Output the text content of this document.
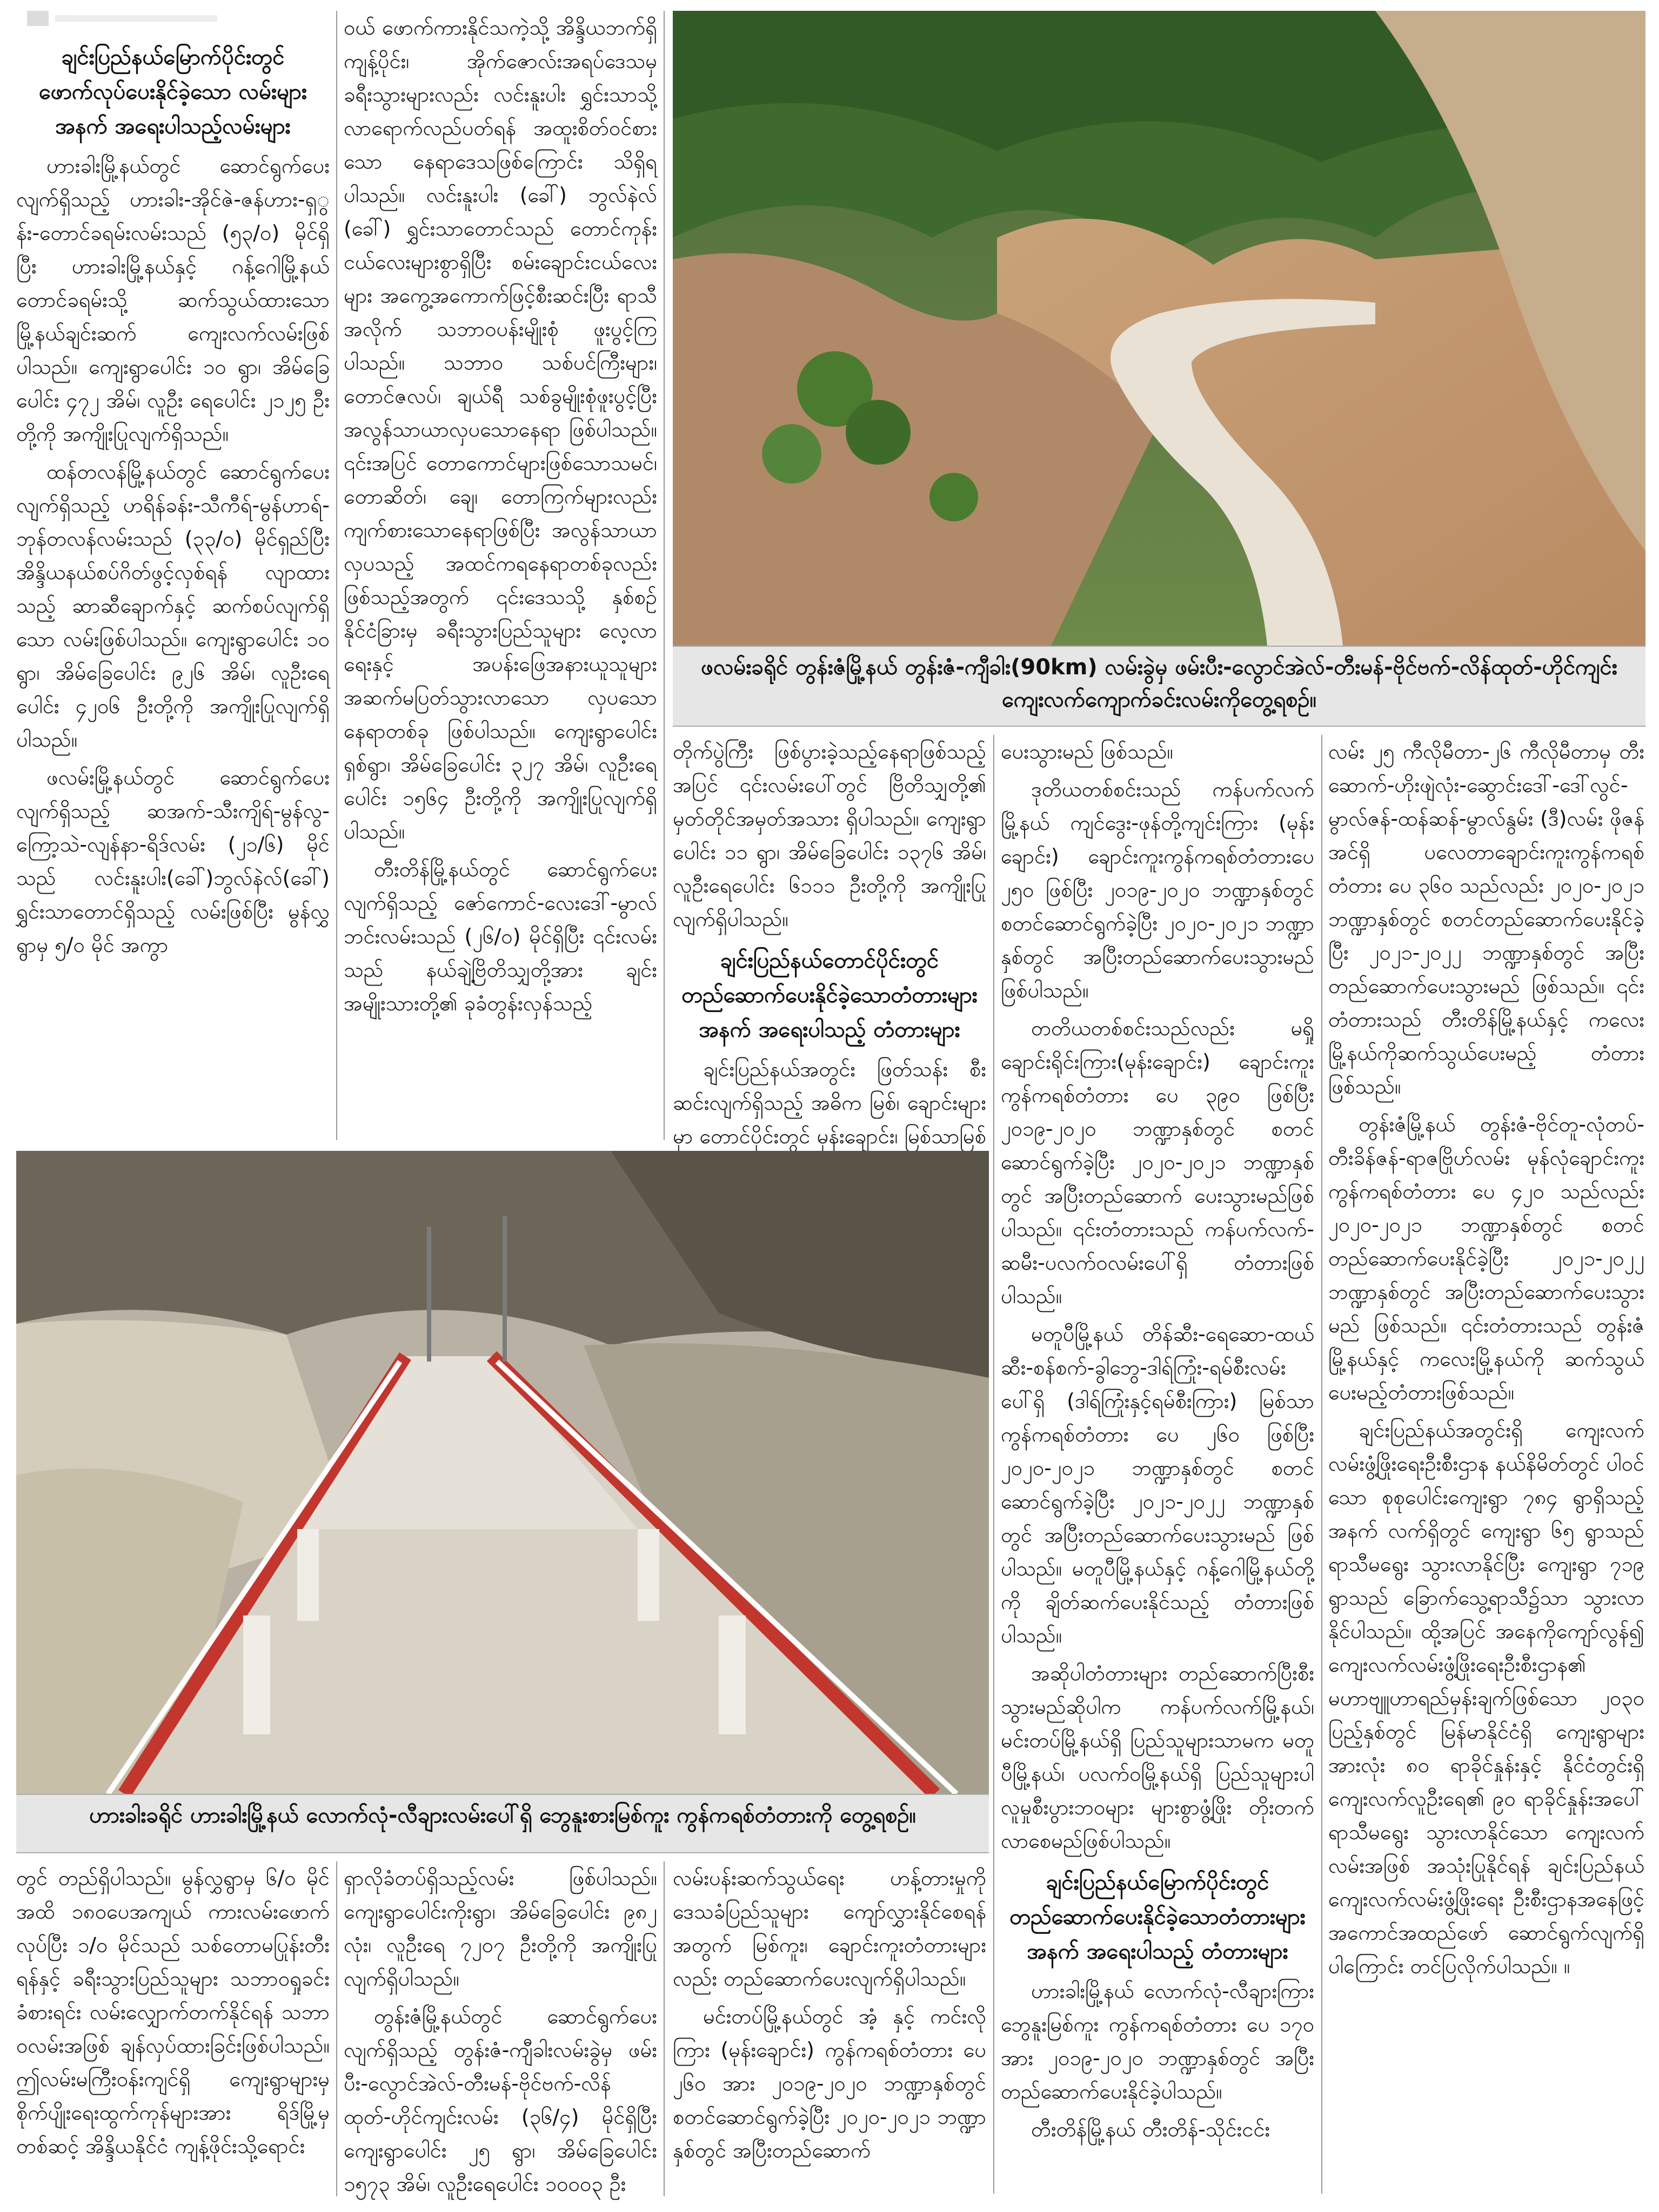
ချင်းပြည်နယ်မြောက်ပိုင်းတွင် ဖောက်လုပ်ပေးနိုင်ခဲ့သော လမ်းများအနက် အရေးပါသည့်လမ်းများ

ဟားခါးမြို့နယ်တွင် ဆောင်ရွက်ပေးလျက်ရှိသည့် ဟားခါး-အိုင်ဇဲ-ဇန်ဟား-ရှွန်း-တောင်ခရမ်းလမ်းသည် (၅၃/၀) မိုင်ရှိပြီး ဟားခါးမြို့နယ်နှင့် ဂန့်ဂေါမြို့နယ် တောင်ခရမ်းသို့ ဆက်သွယ်ထားသော မြို့နယ်ချင်းဆက် ကျေးလက်လမ်းဖြစ်ပါသည်။ ကျေးရွာပေါင်း ၁၀ ရွာ၊ အိမ်ခြေပေါင်း ၄၇၂ အိမ်၊ လူဦး ရေပေါင်း ၂၁၂၅ ဦးတို့ကို အကျိုးပြုလျက်ရှိသည်။

ထန်တလန်မြို့နယ်တွင် ဆောင်ရွက်ပေးလျက်ရှိသည့် ဟရိန်ခန်း-သီကီရ်-မွန်ဟာရ်-ဘုန်တလန်လမ်းသည် (၃၃/၀) မိုင်ရှည်ပြီး အိန္ဒိယနယ်စပ်ဂိတ်ဖွင့်လှစ်ရန် လျာထားသည့် ဆာဆီချောက်နှင့် ဆက်စပ်လျက်ရှိသော လမ်းဖြစ်ပါသည်။ ကျေးရွာပေါင်း ၁၀ ရွာ၊ အိမ်ခြေပေါင်း ၉၂၆ အိမ်၊ လူဦးရေပေါင်း ၄၂၀၆ ဦးတို့ကို အကျိုးပြုလျက်ရှိပါသည်။

ဖလမ်းမြို့နယ်တွင် ဆောင်ရွက်ပေးလျက်ရှိသည့် ဆအက်-သီးကျိရ်-မွန်လွ-ကြော့သဲ-လျန်နာ-ရိဒ်လမ်း (၂၁/၆) မိုင်သည် လင်းနူးပါး(ခေါ်)ဘွလ်နဲလ်(ခေါ်) ရွှင်းသာတောင်ရှိသည့် လမ်းဖြစ်ပြီး မွန်လွှရွာမှ ၅/၀ မိုင် အကွာ

ဝယ် ဖောက်ကားနိုင်သကဲ့သို့ အိန္ဒိယဘက်ရှိ ကျန့်ပိုင်း၊ အိုက်ဇောလ်းအရပ်ဒေသမှ ခရီးသွားများလည်း လင်းနူးပါး ရွှင်းသာသို့ လာရောက်လည်ပတ်ရန် အထူးစိတ်ဝင်စားသော နေရာဒေသဖြစ်ကြောင်း သိရှိရပါသည်။ လင်းနူးပါး (ခေါ်) ဘွလ်နဲလ် (ခေါ်) ရွှင်းသာတောင်သည် တောင်ကုန်းငယ်လေးများစွာရှိပြီး စမ်းချောင်းငယ်လေးများ အကွေ့အကောက်ဖြင့်စီးဆင်းပြီး ရာသီအလိုက် သဘာဝပန်းမျိုးစုံ ဖူးပွင့်ကြပါသည်။ သဘာဝ သစ်ပင်ကြီးများ၊ တောင်ဇလပ်၊ ချယ်ရီ သစ်ခွမျိုးစုံဖူးပွင့်ပြီး အလွန်သာယာလှပသောနေရာ ဖြစ်ပါသည်။ ၎င်းအပြင် တောကောင်များဖြစ်သောသမင်၊ တောဆိတ်၊ ချေ၊ တောကြက်များလည်း ကျက်စားသောနေရာဖြစ်ပြီး အလွန်သာယာလှပသည့် အထင်ကရနေရာတစ်ခုလည်း ဖြစ်သည့်အတွက် ၎င်းဒေသသို့ နှစ်စဉ်နိုင်ငံခြားမှ ခရီးသွားပြည်သူများ လေ့လာရေးနှင့် အပန်းဖြေအနားယူသူများ အဆက်မပြတ်သွားလာသော လှပသောနေရာတစ်ခု ဖြစ်ပါသည်။ ကျေးရွာပေါင်း ရှစ်ရွာ၊ အိမ်ခြေပေါင်း ၃၂၇ အိမ်၊ လူဦးရေပေါင်း ၁၅၆၄ ဦးတို့ကို အကျိုးပြုလျက်ရှိပါသည်။

တီးတိန်မြို့နယ်တွင် ဆောင်ရွက်ပေးလျက်ရှိသည့် ဇော်ကောင်-လေးဒေါ်-မွာလ်ဘင်းလမ်းသည် (၂၆/၀) မိုင်ရှိပြီး ၎င်းလမ်းသည် နယ်ချဲ့ဗြိတိသျှတို့အား ချင်းအမျိုးသားတို့၏ ခုခံတွန်းလှန်သည့်

ဖလမ်းခရိုင် တွန်းဇံမြို့နယ် တွန်းဇံ-ကျီခါး(90km) လမ်းခွဲမှ ဖမ်းပီး-လွောင်အဲလ်-တီးမန်-ဗိုင်ဗက်-လိန်ထုတ်-ဟိုင်ကျင်း ကျေးလက်ကျောက်ခင်းလမ်းကိုတွေ့ရစဉ်။

တိုက်ပွဲကြီး ဖြစ်ပွားခဲ့သည့်နေရာဖြစ်သည့်အပြင် ၎င်းလမ်းပေါ်တွင် ဗြိတိသျှတို့၏ မှတ်တိုင်အမှတ်အသား ရှိပါသည်။ ကျေးရွာပေါင်း ၁၁ ရွာ၊ အိမ်ခြေပေါင်း ၁၃၇၆ အိမ်၊ လူဦးရေပေါင်း ၆၁၁၁ ဦးတို့ကို အကျိုးပြုလျက်ရှိပါသည်။

ချင်းပြည်နယ်တောင်ပိုင်းတွင် တည်ဆောက်ပေးနိုင်ခဲ့သောတံတားများ အနက် အရေးပါသည့် တံတားများ

ချင်းပြည်နယ်အတွင်း ဖြတ်သန်း စီးဆင်းလျက်ရှိသည့် အဓိက မြစ်၊ ချောင်းများမှာ တောင်ပိုင်းတွင် မုန်းချောင်း၊ မြစ်သာမြစ်

ပေးသွားမည် ဖြစ်သည်။

ဒုတိယတစ်စင်းသည် ကန်ပက်လက်မြို့နယ် ကျင်ဒွေး-ဖုန်တို့ကျင်းကြား (မုန်းချောင်း) ချောင်းကူးကွန်ကရစ်တံတားပေ ၂၅၀ ဖြစ်ပြီး ၂၀၁၉-၂၀၂၀ ဘဏ္ဍာနှစ်တွင် စတင်ဆောင်ရွက်ခဲ့ပြီး ၂၀၂၀-၂၀၂၁ ဘဏ္ဍာနှစ်တွင် အပြီးတည်ဆောက်ပေးသွားမည်ဖြစ်ပါသည်။

တတိယတစ်စင်းသည်လည်း မရှိုချောင်းရိုင်းကြား(မုန်းချောင်း) ချောင်းကူးကွန်ကရစ်တံတား ပေ ၃၉၀ ဖြစ်ပြီး ၂၀၁၉-၂၀၂၀ ဘဏ္ဍာနှစ်တွင် စတင်ဆောင်ရွက်ခဲ့ပြီး ၂၀၂၀-၂၀၂၁ ဘဏ္ဍာနှစ်တွင် အပြီးတည်ဆောက် ပေးသွားမည်ဖြစ်ပါသည်။ ၎င်းတံတားသည် ကန်ပက်လက်-ဆမီး-ပလက်ဝလမ်းပေါ်ရှိ တံတားဖြစ်ပါသည်။

မတူပီမြို့နယ် တိန်ဆီး-ရေဆော-ထယ်ဆီး-စန်စက်-ခွါဘွေ-ဒါရ်ကြုံး-ရမ်စီးလမ်းပေါ်ရှိ (ဒါရ်ကြုံးနှင့်ရမ်စီးကြား) မြစ်သာကွန်ကရစ်တံတား ပေ ၂၆၀ ဖြစ်ပြီး ၂၀၂၀-၂၀၂၁ ဘဏ္ဍာနှစ်တွင် စတင်ဆောင်ရွက်ခဲ့ပြီး ၂၀၂၁-၂၀၂၂ ဘဏ္ဍာနှစ်တွင် အပြီးတည်ဆောက်ပေးသွားမည် ဖြစ်ပါသည်။ မတူပီမြို့နယ်နှင့် ဂန့်ဂေါမြို့နယ်တို့ကို ချိတ်ဆက်ပေးနိုင်သည့် တံတားဖြစ်ပါသည်။

အဆိုပါတံတားများ တည်ဆောက်ပြီးစီးသွားမည်ဆိုပါက ကန်ပက်လက်မြို့နယ်၊ မင်းတပ်မြို့နယ်ရှိ ပြည်သူများသာမက မတူပီမြို့နယ်၊ ပလက်ဝမြို့နယ်ရှိ ပြည်သူများပါ လူမှုစီးပွားဘဝများ များစွာဖွံ့ဖြိုး တိုးတက်လာစေမည်ဖြစ်ပါသည်။

ချင်းပြည်နယ်မြောက်ပိုင်းတွင် တည်ဆောက်ပေးနိုင်ခဲ့သောတံတားများအနက် အရေးပါသည့် တံတားများ

ဟားခါးမြို့နယ် လောက်လုံ-လီချားကြား ဘွေနူးမြစ်ကူး ကွန်ကရစ်တံတား ပေ ၁၇၀ အား ၂၀၁၉-၂၀၂၀ ဘဏ္ဍာနှစ်တွင် အပြီးတည်ဆောက်ပေးနိုင်ခဲ့ပါသည်။

တီးတိန်မြို့နယ် တီးတိန်-သိုင်းငင်း

လမ်း ၂၅ ကီလိုမီတာ-၂၆ ကီလိုမီတာမှ တီးဆောက်-ဟိုးဖျဲလုံး-ဆွောင်းဒေါ်-ဒေါ်လွင်-မွာလ်ဇန်-ထန်ဆန်-မွာလ်နွမ်း (ဒီ)လမ်း ဖိုဇန်အင်ရှိ ပလေတာချောင်းကူးကွန်ကရစ်တံတား ပေ ၃၆၀ သည်လည်း ၂၀၂၀-၂၀၂၁ ဘဏ္ဍာနှစ်တွင် စတင်တည်ဆောက်ပေးနိုင်ခဲ့ပြီး ၂၀၂၁-၂၀၂၂ ဘဏ္ဍာနှစ်တွင် အပြီးတည်ဆောက်ပေးသွားမည် ဖြစ်သည်။ ၎င်းတံတားသည် တီးတိန်မြို့နယ်နှင့် ကလေးမြို့နယ်ကိုဆက်သွယ်ပေးမည့် တံတားဖြစ်သည်။

တွန်းဇံမြို့နယ် တွန်းဇံ-ဗိုင်တူ-လုံတပ်-တီးခိန်ဇန်-ရာဇဗြိုဟ်လမ်း မုန်လုံချောင်းကူး ကွန်ကရစ်တံတား ပေ ၄၂၀ သည်လည်း ၂၀၂၀-၂၀၂၁ ဘဏ္ဍာနှစ်တွင် စတင်တည်ဆောက်ပေးနိုင်ခဲ့ပြီး ၂၀၂၁-၂၀၂၂ ဘဏ္ဍာနှစ်တွင် အပြီးတည်ဆောက်ပေးသွားမည် ဖြစ်သည်။ ၎င်းတံတားသည် တွန်းဇံမြို့နယ်နှင့် ကလေးမြို့နယ်ကို ဆက်သွယ်ပေးမည့်တံတားဖြစ်သည်။

ချင်းပြည်နယ်အတွင်းရှိ ကျေးလက်လမ်းဖွံ့ဖြိုးရေးဦးစီးဌာန နယ်နိမိတ်တွင် ပါဝင်သော စုစုပေါင်းကျေးရွာ ၇၈၄ ရွာရှိသည့်အနက် လက်ရှိတွင် ကျေးရွာ ၆၅ ရွာသည် ရာသီမရွေး သွားလာနိုင်ပြီး ကျေးရွာ ၇၁၉ ရွာသည် ခြောက်သွေ့ရာသီ၌သာ သွားလာနိုင်ပါသည်။ ထို့အပြင် အနေကိုကျော်လွန်၍ ကျေးလက်လမ်းဖွံ့ဖြိုးရေးဦးစီးဌာန၏ မဟာဗျူဟာရည်မှန်းချက်ဖြစ်သော ၂၀၃၀ ပြည့်နှစ်တွင် မြန်မာနိုင်ငံရှိ ကျေးရွာများအားလုံး ၈၀ ရာခိုင်နှုန်းနှင့် နိုင်ငံတွင်းရှိ ကျေးလက်လူဦးရေ၏ ၉၀ ရာခိုင်နှုန်းအပေါ် ရာသီမရွေး သွားလာနိုင်သော ကျေးလက်လမ်းအဖြစ် အသုံးပြုနိုင်ရန် ချင်းပြည်နယ် ကျေးလက်လမ်းဖွံ့ဖြိုးရေး ဦးစီးဌာနအနေဖြင့် အကောင်အထည်ဖော် ဆောင်ရွက်လျက်ရှိပါကြောင်း တင်ပြလိုက်ပါသည်။ ။

ဟားခါးခရိုင် ဟားခါးမြို့နယ် လောက်လုံ-လီချားလမ်းပေါ်ရှိ ဘွေနူးစားမြစ်ကူး ကွန်ကရစ်တံတားကို တွေ့ရစဉ်။

တွင် တည်ရှိပါသည်။ မွန်လွှရွာမှ ၆/၀ မိုင် အထိ ၁၈၀ပေအကျယ် ကားလမ်းဖောက်လုပ်ပြီး ၁/၀ မိုင်သည် သစ်တောမပြုန်းတီးရန်နှင့် ခရီးသွားပြည်သူများ သဘာဝရှုခင်းခံစားရင်း လမ်းလျှောက်တက်နိုင်ရန် သဘာဝလမ်းအဖြစ် ချန်လှပ်ထားခြင်းဖြစ်ပါသည်။ ဤလမ်းမကြီးဝန်းကျင်ရှိ ကျေးရွာများမှ စိုက်ပျိုးရေးထွက်ကုန်များအား ရိဒ်မြို့မှ တစ်ဆင့် အိန္ဒိယနိုင်ငံ ကျန့်ဖိုင်းသို့ရောင်း

ရှာလိုခံတပ်ရှိသည့်လမ်း ဖြစ်ပါသည်။ ကျေးရွာပေါင်းကိုးရွာ၊ အိမ်ခြေပေါင်း ၉၈၂ လုံး၊ လူဦးရေ ၇၂၀၇ ဦးတို့ကို အကျိုးပြုလျက်ရှိပါသည်။

တွန်းဇံမြို့နယ်တွင် ဆောင်ရွက်ပေးလျက်ရှိသည့် တွန်းဇံ-ကျီခါးလမ်းခွဲမှ ဖမ်းပီး-လွောင်အဲလ်-တီးမန်-ဗိုင်ဗက်-လိန်ထုတ်-ဟိုင်ကျင်းလမ်း (၃၆/၄) မိုင်ရှိပြီး ကျေးရွာပေါင်း ၂၅ ရွာ၊ အိမ်ခြေပေါင်း ၁၅၇၃ အိမ်၊ လူဦးရေပေါင်း ၁၀၀၀၃ ဦး

လမ်းပန်းဆက်သွယ်ရေး ဟန့်တားမှုကိုဒေသခံပြည်သူများ ကျော်လွှားနိုင်စေရန်အတွက် မြစ်ကူး၊ ချောင်းကူးတံတားများလည်း တည်ဆောက်ပေးလျက်ရှိပါသည်။

မင်းတပ်မြို့နယ်တွင် အံ့ နှင့် ကင်းလိုကြား (မုန်းချောင်း) ကွန်ကရစ်တံတား ပေ ၂၆၀ အား ၂၀၁၉-၂၀၂၀ ဘဏ္ဍာနှစ်တွင် စတင်ဆောင်ရွက်ခဲ့ပြီး ၂၀၂၀-၂၀၂၁ ဘဏ္ဍာနှစ်တွင် အပြီးတည်ဆောက်
